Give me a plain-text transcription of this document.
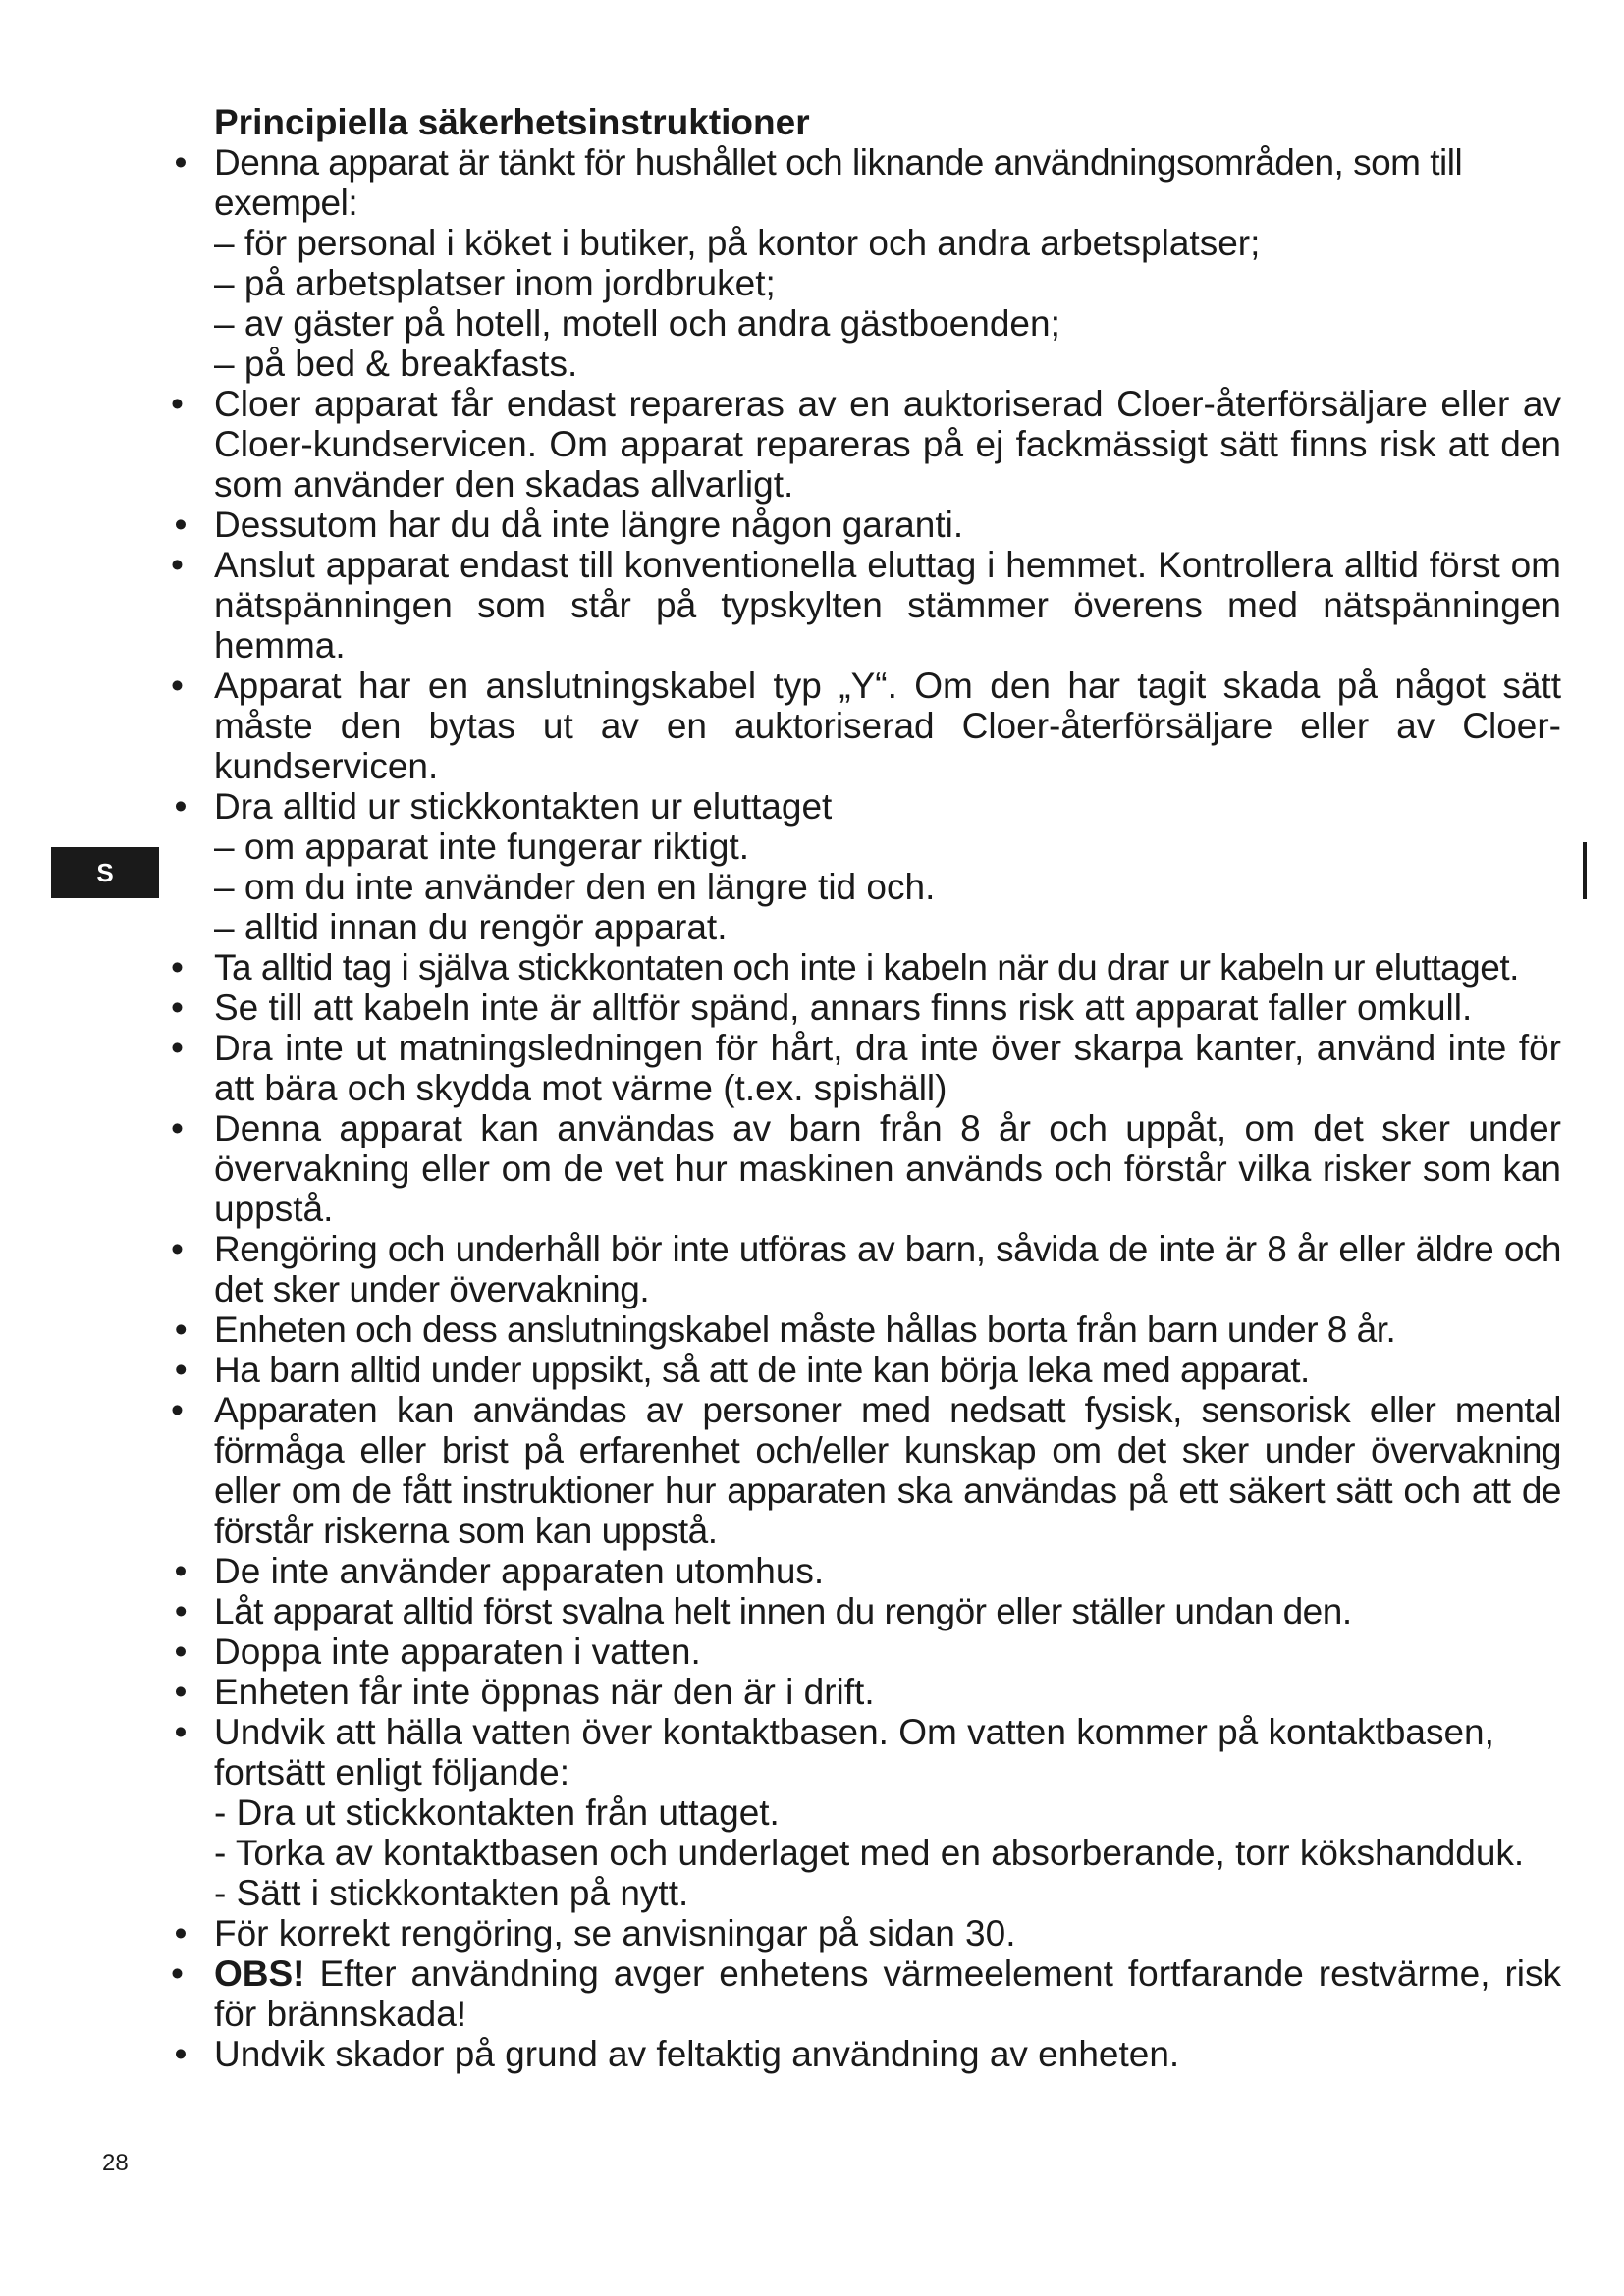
S
28
Principiella säkerhetsinstruktioner
• Denna apparat är tänkt för hushållet och liknande användningsområden, som till exempel:
– för personal i köket i butiker, på kontor och andra arbetsplatser;
– på arbetsplatser inom jordbruket;
– av gäster på hotell, motell och andra gästboenden;
– på bed & breakfasts.
• Cloer apparat får endast repareras av en auktoriserad Cloer-återförsäljare eller av Cloer-kundservicen. Om apparat repareras på ej fackmässigt sätt finns risk att den som använder den skadas allvarligt.
• Dessutom har du då inte längre någon garanti.
• Anslut apparat endast till konventionella eluttag i hemmet. Kontrollera alltid först om nätspänningen som står på typskylten stämmer överens med nätspänningen hemma.
• Apparat har en anslutningskabel typ „Y“. Om den har tagit skada på något sätt måste den bytas ut av en auktoriserad Cloer-återförsäljare eller av Cloer-kundservicen.
• Dra alltid ur stickkontakten ur eluttaget
– om apparat inte fungerar riktigt.
– om du inte använder den en längre tid och.
– alltid innan du rengör apparat.
• Ta alltid tag i själva stickkontaten och inte i kabeln när du drar ur kabeln ur eluttaget.
• Se till att kabeln inte är alltför spänd, annars finns risk att apparat faller omkull.
• Dra inte ut matningsledningen för hårt, dra inte över skarpa kanter, använd inte för att bära och skydda mot värme (t.ex. spishäll)
• Denna apparat kan användas av barn från 8 år och uppåt, om det sker under övervakning eller om de vet hur maskinen används och förstår vilka risker som kan uppstå.
• Rengöring och underhåll bör inte utföras av barn, såvida de inte är 8 år eller äldre och det sker under övervakning.
• Enheten och dess anslutningskabel måste hållas borta från barn under 8 år.
• Ha barn alltid under uppsikt, så att de inte kan börja leka med apparat.
• Apparaten kan användas av personer med nedsatt fysisk, sensorisk eller mental förmåga eller brist på erfarenhet och/eller kunskap om det sker under övervakning eller om de fått instruktioner hur apparaten ska användas på ett säkert sätt och att de förstår riskerna som kan uppstå.
• De inte använder apparaten utomhus.
• Låt apparat alltid först svalna helt innen du rengör eller ställer undan den.
• Doppa inte apparaten i vatten.
• Enheten får inte öppnas när den är i drift.
• Undvik att hälla vatten över kontaktbasen. Om vatten kommer på kontaktbasen, fortsätt enligt följande:
- Dra ut stickkontakten från uttaget.
- Torka av kontaktbasen och underlaget med en absorberande, torr kökshandduk.
- Sätt i stickkontakten på nytt.
• För korrekt rengöring, se anvisningar på sidan 30.
• OBS! Efter användning avger enhetens värmeelement fortfarande restvärme, risk för brännskada!
• Undvik skador på grund av feltaktig användning av enheten.
